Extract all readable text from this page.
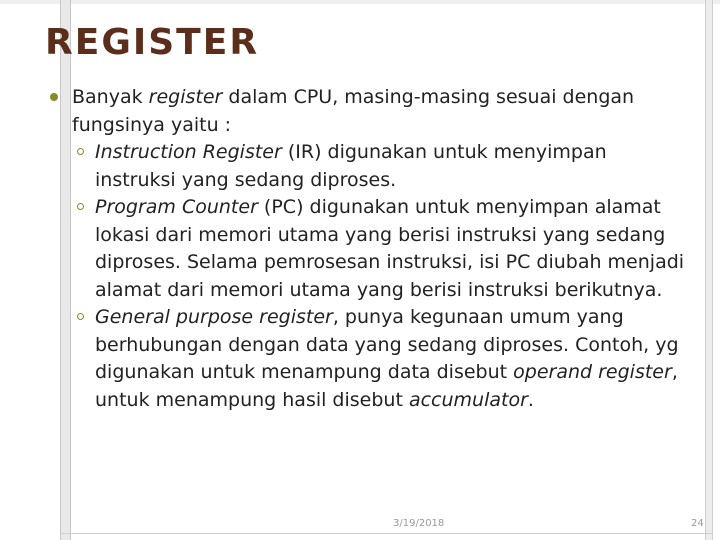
REGISTER

Banyak register dalam CPU, masing-masing sesuai dengan fungsinya yaitu :

Instruction Register (IR) digunakan untuk menyimpan instruksi yang sedang diproses.

Program Counter (PC) digunakan untuk menyimpan alamat lokasi dari memori utama yang berisi instruksi yang sedang diproses. Selama pemrosesan instruksi, isi PC diubah menjadi alamat dari memori utama yang berisi instruksi berikutnya.

General purpose register, punya kegunaan umum yang berhubungan dengan data yang sedang diproses. Contoh, yg digunakan untuk menampung data disebut operand register, untuk menampung hasil disebut accumulator.

3/19/2018	24
